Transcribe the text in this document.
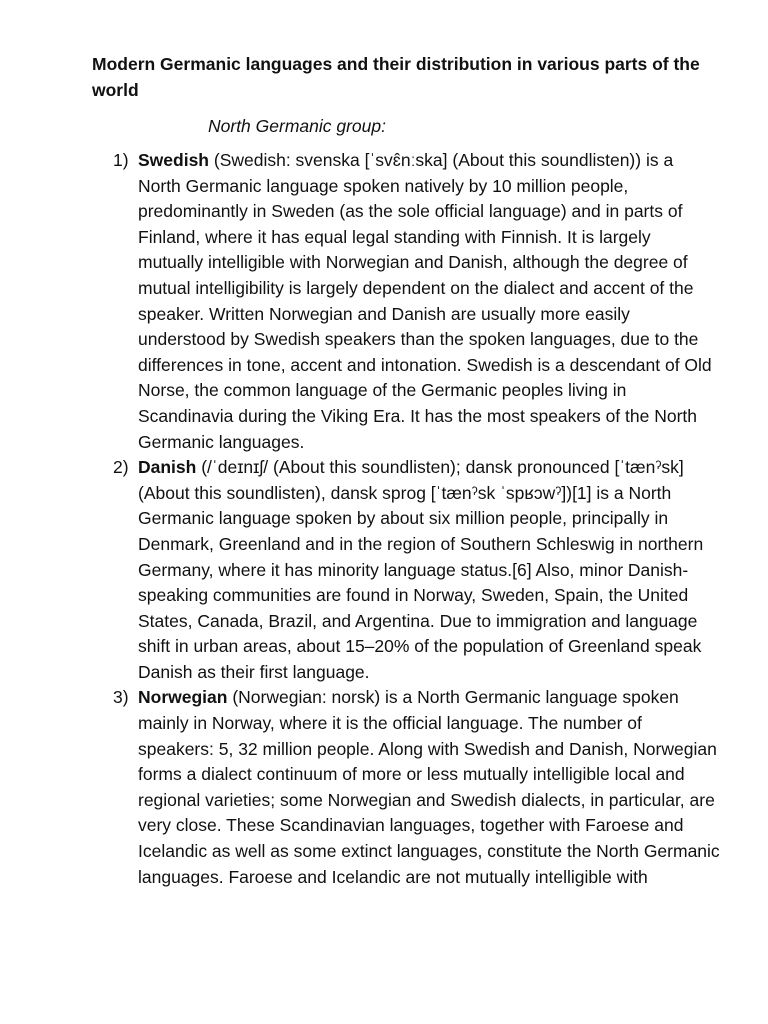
Modern Germanic languages and their distribution in various parts of the world

North Germanic group:

1) Swedish (Swedish: svenska [ˈsvɛ̂nːska] (About this soundlisten)) is a North Germanic language spoken natively by 10 million people, predominantly in Sweden (as the sole official language) and in parts of Finland, where it has equal legal standing with Finnish. It is largely mutually intelligible with Norwegian and Danish, although the degree of mutual intelligibility is largely dependent on the dialect and accent of the speaker. Written Norwegian and Danish are usually more easily understood by Swedish speakers than the spoken languages, due to the differences in tone, accent and intonation. Swedish is a descendant of Old Norse, the common language of the Germanic peoples living in Scandinavia during the Viking Era. It has the most speakers of the North Germanic languages.

2) Danish (/ˈdeɪnɪʃ/ (About this soundlisten); dansk pronounced [ˈtænˀsk] (About this soundlisten), dansk sprog [ˈtænˀsk ˈspʁɔwˀ])[1] is a North Germanic language spoken by about six million people, principally in Denmark, Greenland and in the region of Southern Schleswig in northern Germany, where it has minority language status.[6] Also, minor Danish-speaking communities are found in Norway, Sweden, Spain, the United States, Canada, Brazil, and Argentina. Due to immigration and language shift in urban areas, about 15–20% of the population of Greenland speak Danish as their first language.

3) Norwegian (Norwegian: norsk) is a North Germanic language spoken mainly in Norway, where it is the official language. The number of speakers: 5, 32 million people. Along with Swedish and Danish, Norwegian forms a dialect continuum of more or less mutually intelligible local and regional varieties; some Norwegian and Swedish dialects, in particular, are very close. These Scandinavian languages, together with Faroese and Icelandic as well as some extinct languages, constitute the North Germanic languages. Faroese and Icelandic are not mutually intelligible with
